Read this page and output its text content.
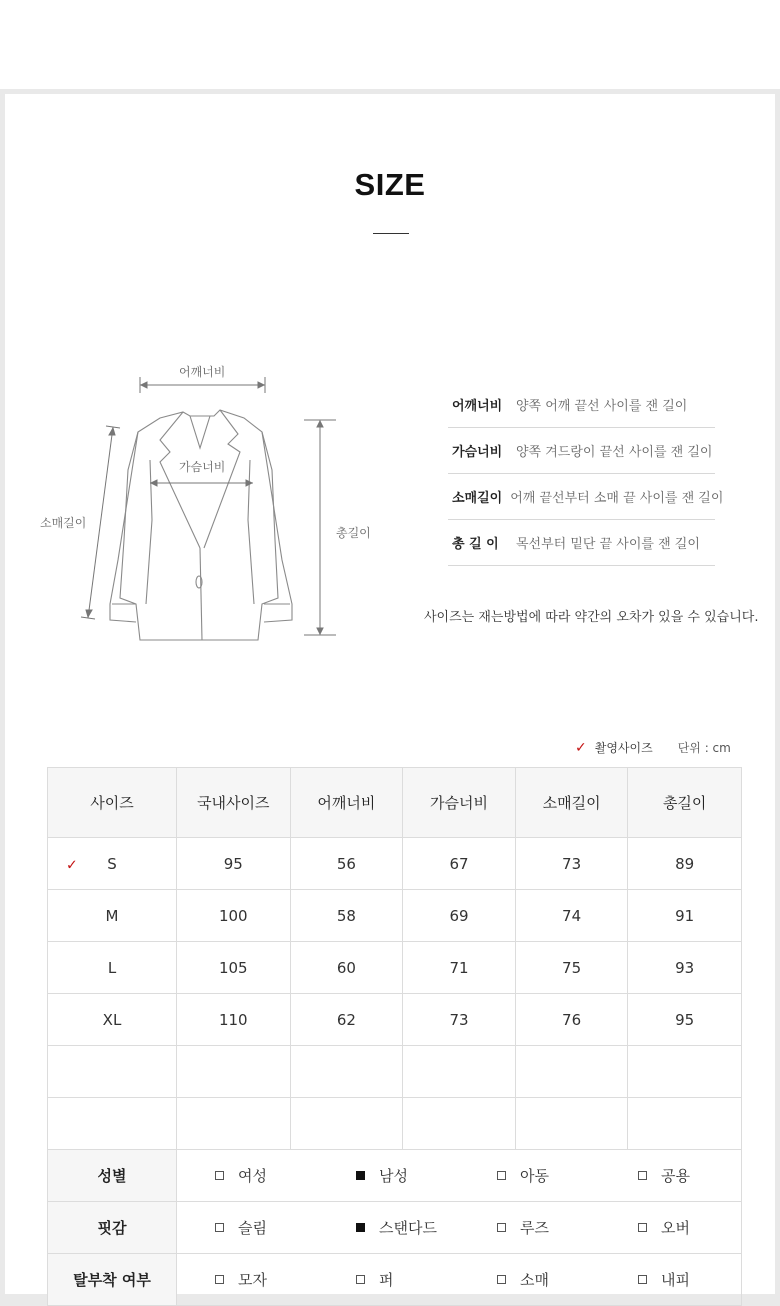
SIZE
어깨너비
가슴너비
소매길이
총길이
어깨너비	양쪽 어깨 끝선 사이를 잰 길이
가슴너비	양쪽 겨드랑이 끝선 사이를 잰 길이
소매길이 어깨 끝선부터 소매 끝 사이를 잰 길이
총 길 이	목선부터 밑단 끝 사이를 잰 길이
사이즈는 재는방법에 따라 약간의 오차가 있을 수 있습니다.
✓ 촬영사이즈 단위 : cm
사이즈	국내사이즈	어깨너비	가슴너비	소매길이	총길이

✓ S	95	56	67	73	89
M	100	58	69	74	91
L	105	60	71	75	93
XL	110	62	73	76	95

성별	여성 남성 아동 공용				

핏감	슬림 스탠다드 루즈 오버				

탈부착 여부	모자 퍼 소매 내피				
